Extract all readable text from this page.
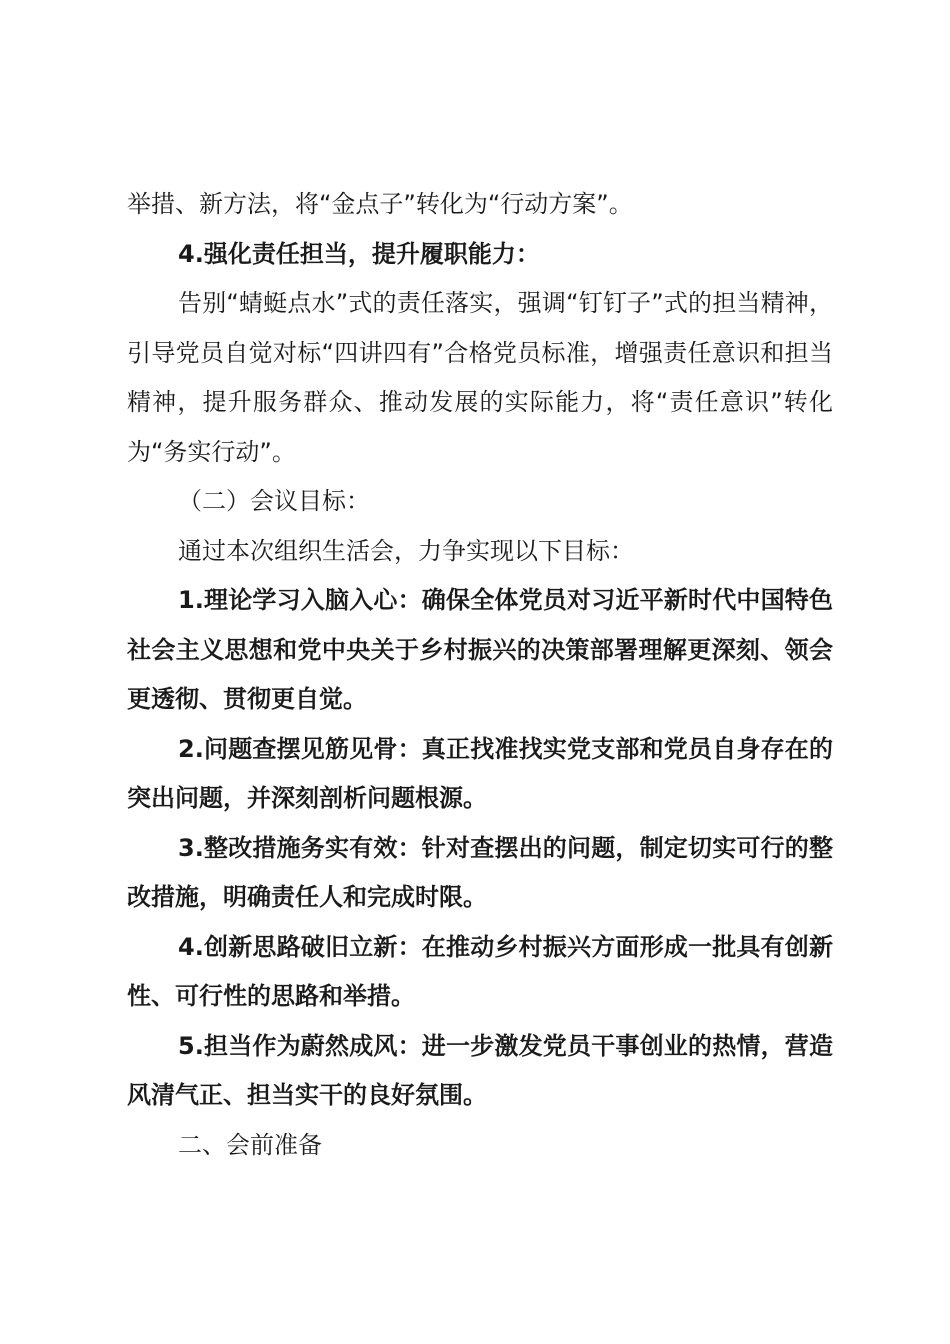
举措、新方法，将“金点子”转化为“行动方案”。

4.强化责任担当，提升履职能力：

告别“蜻蜓点水”式的责任落实，强调“钉钉子”式的担当精神，引导党员自觉对标“四讲四有”合格党员标准，增强责任意识和担当精神，提升服务群众、推动发展的实际能力，将“责任意识”转化为“务实行动”。

（二）会议目标：

通过本次组织生活会，力争实现以下目标：

1.理论学习入脑入心：确保全体党员对习近平新时代中国特色社会主义思想和党中央关于乡村振兴的决策部署理解更深刻、领会更透彻、贯彻更自觉。

2.问题查摆见筋见骨：真正找准找实党支部和党员自身存在的突出问题，并深刻剖析问题根源。

3.整改措施务实有效：针对查摆出的问题，制定切实可行的整改措施，明确责任人和完成时限。

4.创新思路破旧立新：在推动乡村振兴方面形成一批具有创新性、可行性的思路和举措。

5.担当作为蔚然成风：进一步激发党员干事创业的热情，营造风清气正、担当实干的良好氛围。

二、会前准备
